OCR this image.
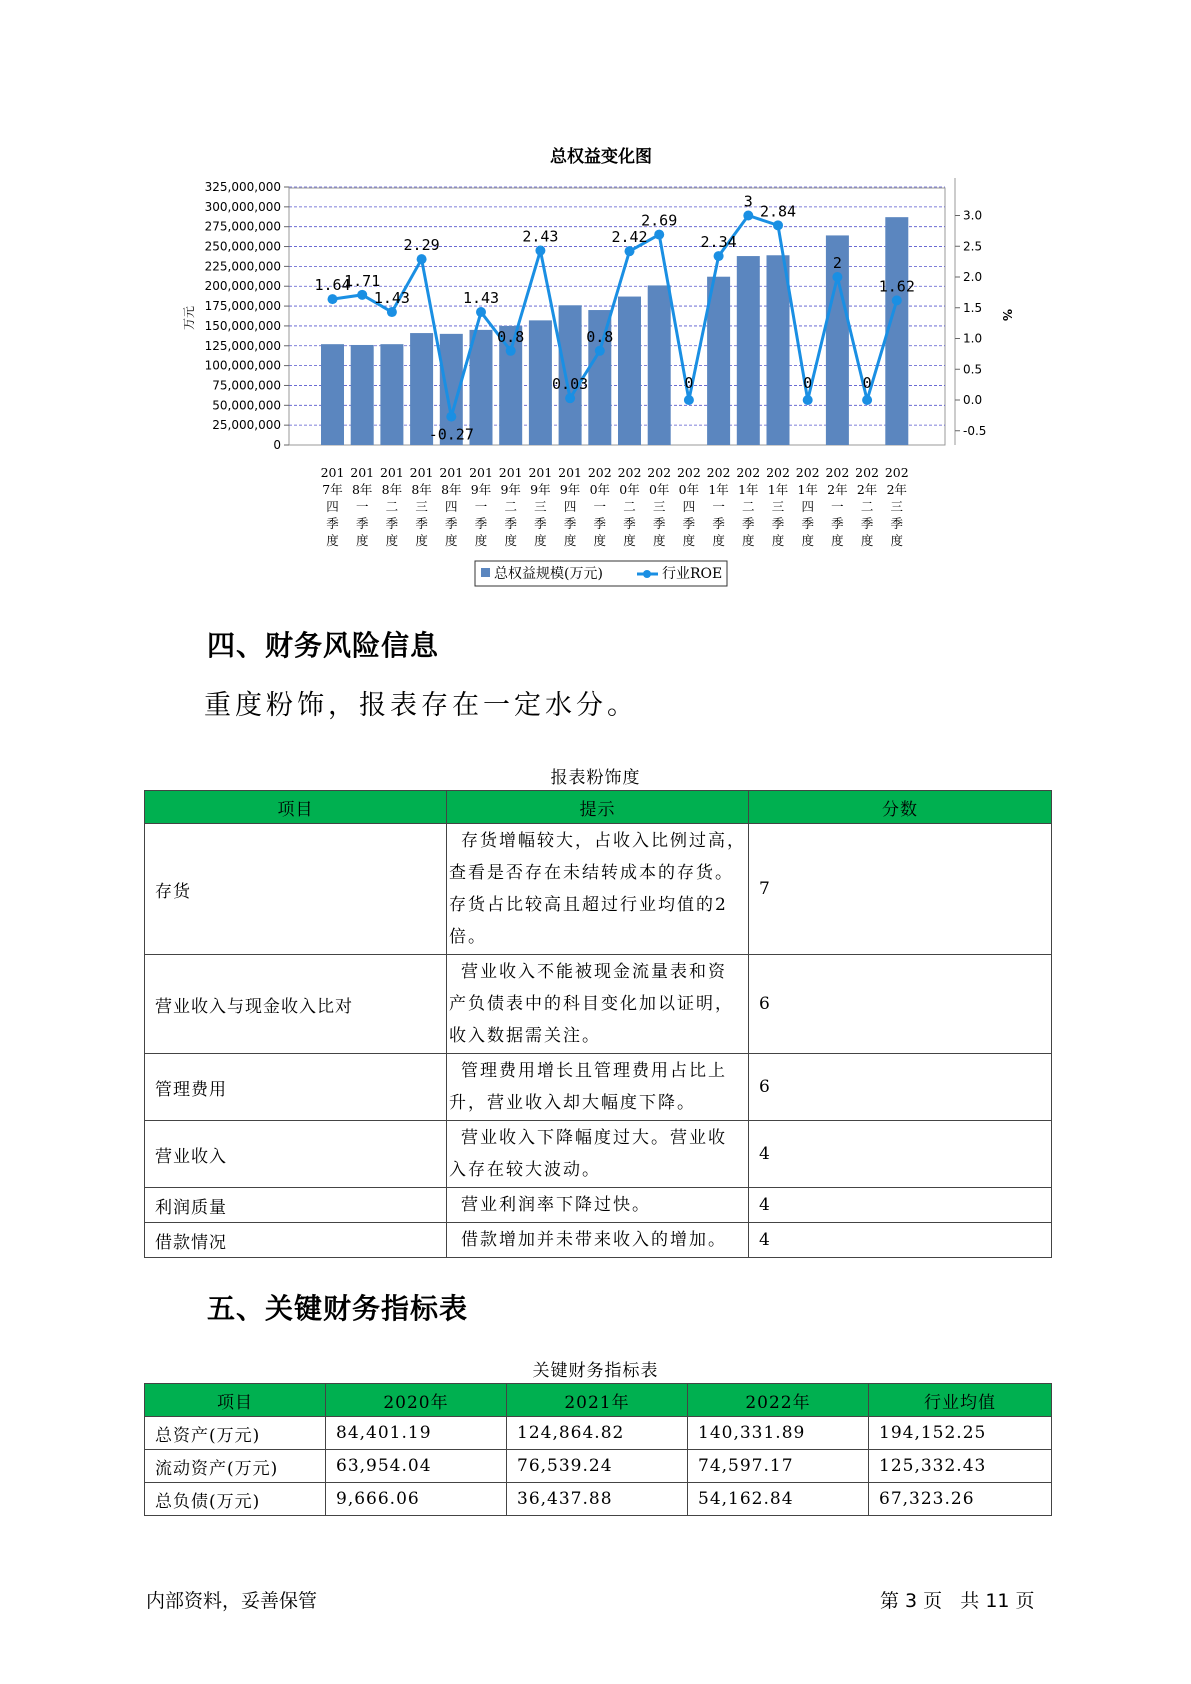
总权益变化图
325,000,000
300,000,000
275,000,000
250,000,000
225,000,000
200,000,000
175,000,000
150,000,000
125,000,000
100,000,000
75,000,000
50,000,000
25,000,000
0
万元
3.0
2.5
2.0
1.5
1.0
0.5
0.0
-0.5
%
1.64
1.71
1.43
2.29
-0.27
1.43
0.8
2.43
0.03
0.8
2.42
2.69
0
2.34
3
2.84
0
2
0
1.62
201
7年
四
季
度
201
8年
一
季
度
201
8年
二
季
度
201
8年
三
季
度
201
8年
四
季
度
201
9年
一
季
度
201
9年
二
季
度
201
9年
三
季
度
201
9年
四
季
度
202
0年
一
季
度
202
0年
二
季
度
202
0年
三
季
度
202
0年
四
季
度
202
1年
一
季
度
202
1年
二
季
度
202
1年
三
季
度
202
1年
四
季
度
202
2年
一
季
度
202
2年
二
季
度
202
2年
三
季
度
总权益规模(万元)	行业ROE
四、财务风险信息

重度粉饰，报表存在一定水分。

报表粉饰度
项目	提示	分数
存货	存货增幅较大，占收入比例过高，
查看是否存在未结转成本的存货。
存货占比较高且超过行业均值的2
倍。	7
营业收入与现金收入比对	营业收入不能被现金流量表和资
产负债表中的科目变化加以证明，
收入数据需关注。	6
管理费用	管理费用增长且管理费用占比上
升，营业收入却大幅度下降。	6
营业收入	营业收入下降幅度过大。营业收
入存在较大波动。	4
利润质量	营业利润率下降过快。	4
借款情况	借款增加并未带来收入的增加。	4
五、关键财务指标表
关键财务指标表
项目	2020年	2021年	2022年	行业均值
总资产(万元)	84,401.19	124,864.82	140,331.89	194,152.25
流动资产(万元)	63,954.04	76,539.24	74,597.17	125,332.43
总负债(万元)	9,666.06	36,437.88	54,162.84	67,323.26
内部资料，妥善保管	第 3 页   共 11 页
